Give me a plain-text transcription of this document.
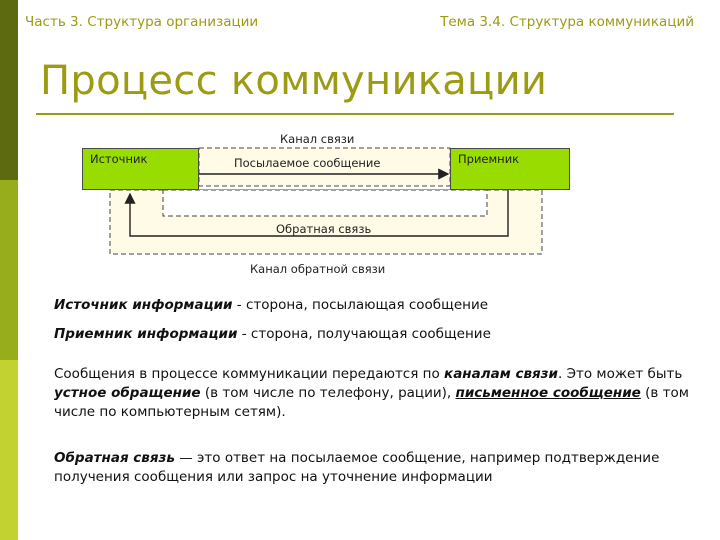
Часть 3. Структура организации	Тема 3.4. Структура коммуникаций
Процесс коммуникации
Источник	Приемник
Канал связи
Посылаемое сообщение
Обратная связь
Канал обратной связи
Источник информации - сторона, посылающая сообщение
Приемник информации - сторона, получающая сообщение
Сообщения в процессе коммуникации передаются по каналам связи. Это может быть устное обращение (в том числе по телефону, рации), письменное сообщение (в том числе по компьютерным сетям).
Обратная связь — это ответ на посылаемое сообщение, например подтверждение получения сообщения или запрос на уточнение информации
